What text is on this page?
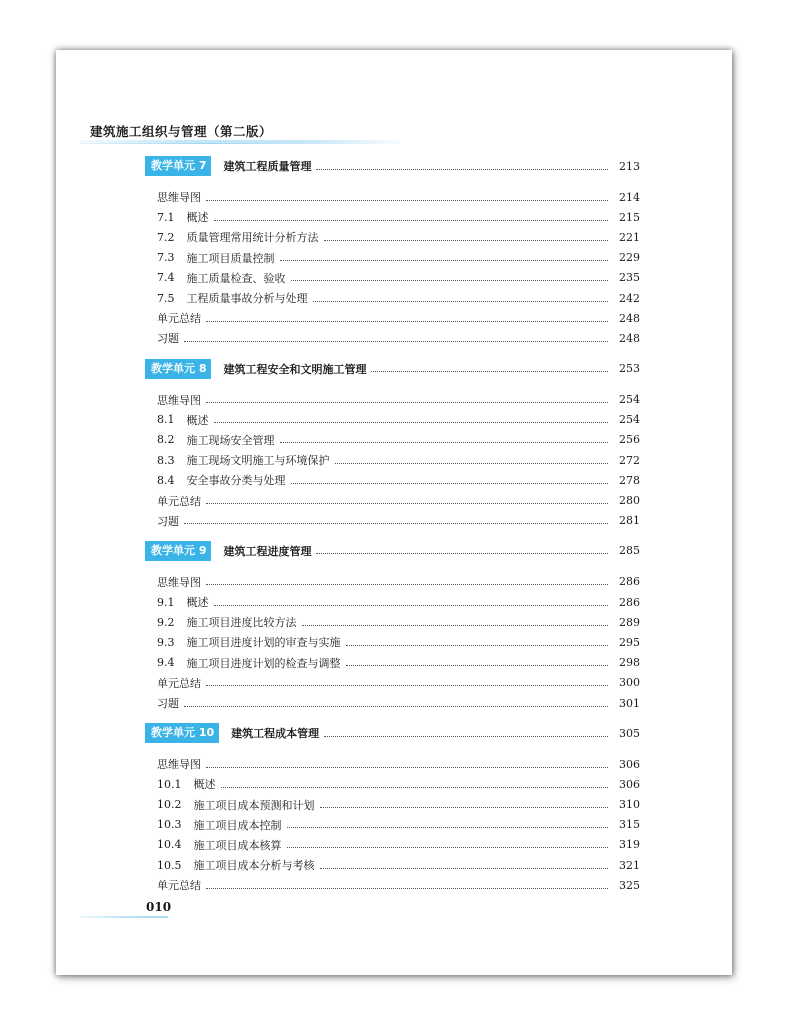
建筑施工组织与管理（第二版）
教学单元 7	建筑工程质量管理	213
思维导图	214
7.1 概述	215
7.2 质量管理常用统计分析方法	221
7.3 施工项目质量控制	229
7.4 施工质量检查、验收	235
7.5 工程质量事故分析与处理	242
单元总结	248
习题	248
教学单元 8	建筑工程安全和文明施工管理	253
思维导图	254
8.1 概述	254
8.2 施工现场安全管理	256
8.3 施工现场文明施工与环境保护	272
8.4 安全事故分类与处理	278
单元总结	280
习题	281
教学单元 9	建筑工程进度管理	285
思维导图	286
9.1 概述	286
9.2 施工项目进度比较方法	289
9.3 施工项目进度计划的审查与实施	295
9.4 施工项目进度计划的检查与调整	298
单元总结	300
习题	301
教学单元 10	建筑工程成本管理	305
思维导图	306
10.1 概述	306
10.2 施工项目成本预测和计划	310
10.3 施工项目成本控制	315
10.4 施工项目成本核算	319
10.5 施工项目成本分析与考核	321
单元总结	325
010
